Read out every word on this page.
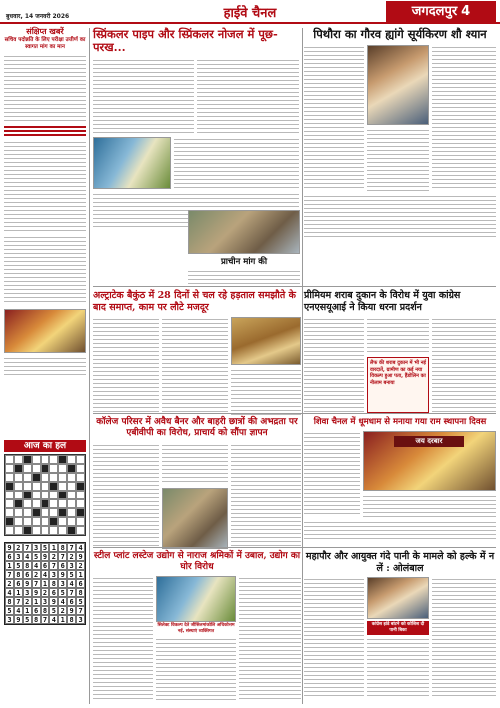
बुधवार, 14 जनवरी 2026	हाईवे चैनल	जगदलपुर 4
संक्षिप्त खबरें
सचिव पदोन्नति के लिए परीक्षा उत्तीर्ण का स्वागत मांग का मान
आज का हल
9 2 7 3 5 1 8 7 4
6 3 4 5 9 2 7 2 9
1 5 8 4 6 7 6 3 2
7 8 6 2 4 3 9 5 1
2 6 9 7 1 8 3 4 6
4 1 3 9 2 6 5 7 8
8 7 2 1 3 9 4 6 5
5 4 1 6 8 5 2 9 7
3 9 5 8 7 4 1 8 3
स्प्रिंकलर पाइप और स्प्रिंकलर नोजल में पूछ-परख...
पिथौरा का गौरव ह्यांगे सूर्यकिरण शौ श्यान
प्राचीन मांग की
अल्ट्राटेक बैकुंठ में 28 दिनों से चल रहे हड़ताल समझौते के बाद समाप्त, काम पर लौटे मजदूर
प्रीमियम शराब दुकान के विरोध में युवा कांग्रेस एनएसयूआई ने किया धरना प्रदर्शन
लैफ की शराब दुकान में भी नई वारदातें, ग्रामीण का कई नया विकल्प हुआ पता, हैंडोलिन का नीलाम बनाया
कॉलेज परिसर में अवैध बैनर और बाहरी छात्रों की अभद्रता पर एबीवीपी का विरोध, प्राचार्य को सौंपा ज्ञापन
शिवा चैनल में धूमधाम से मनाया गया राम स्थापना दिवस
जय दरबार
स्टील प्लांट लस्टेज उद्योग से नाराज श्रमिकों में उबाल, उद्योग का घोर विरोध
सिलेक्ट विकल्प देते जीसिलमांकोलि अधिकोत्तम नई, संस्थाएं व्यक्तिगत
महापौर और आयुक्त गंदे पानी के मामले को हल्के में न लें : ओलंबाल
कांग्रेस झंडे बांटने को कोशिश दी पानी बिका
